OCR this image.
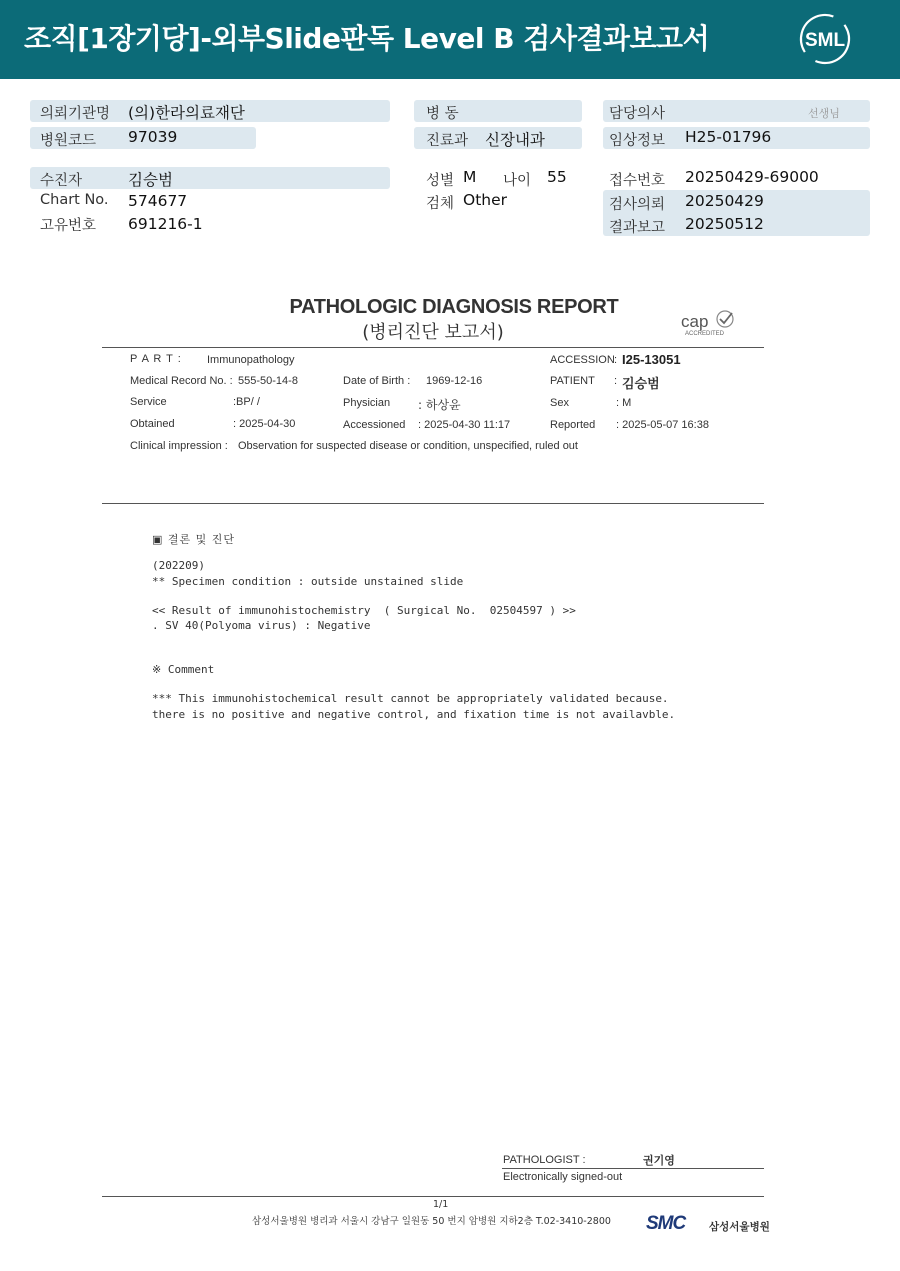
조직[1장기당]-외부Slide판독 Level B 검사결과보고서	SML
의뢰기관명 (의)한라의료재단	병 동	담당의사	선생님
병원코드 97039	진료과 신장내과	임상정보 H25-01796
수진자	김승범	성별 M 나이 55	접수번호 20250429-69000
Chart No. 574677	검체 Other	검사의뢰 20250429
고유번호 691216-1	결과보고 20250512
PATHOLOGIC DIAGNOSIS REPORT
(병리진단 보고서)
cap
ACCREDITED
P A R T : Immunopathology	ACCESSION : I25-13051
Medical Record No. : 555-50-14-8	Date of Birth : 1969-12-16	PATIENT : 김승범
Service	:BP/ /	Physician : 하상윤	Sex	: M
Obtained	: 2025-04-30	Accessioned : 2025-04-30 11:17	Reported : 2025-05-07 16:38
Clinical impression : Observation for suspected disease or condition, unspecified, ruled out
▣ 결론 및 진단
(202209)
** Specimen condition : outside unstained slide
<< Result of immunohistochemistry  ( Surgical No.  02504597 ) >>
. SV 40(Polyoma virus) : Negative
※ Comment
*** This immunohistochemical result cannot be appropriately validated because.
there is no positive and negative control, and fixation time is not availavble.
PATHOLOGIST :	권기영
Electronically signed-out
1/1
삼성서울병원 병리과 서울시 강남구 일원동 50 번지 암병원 지하2층 T.02-3410-2800 SMC 삼성서울병원
